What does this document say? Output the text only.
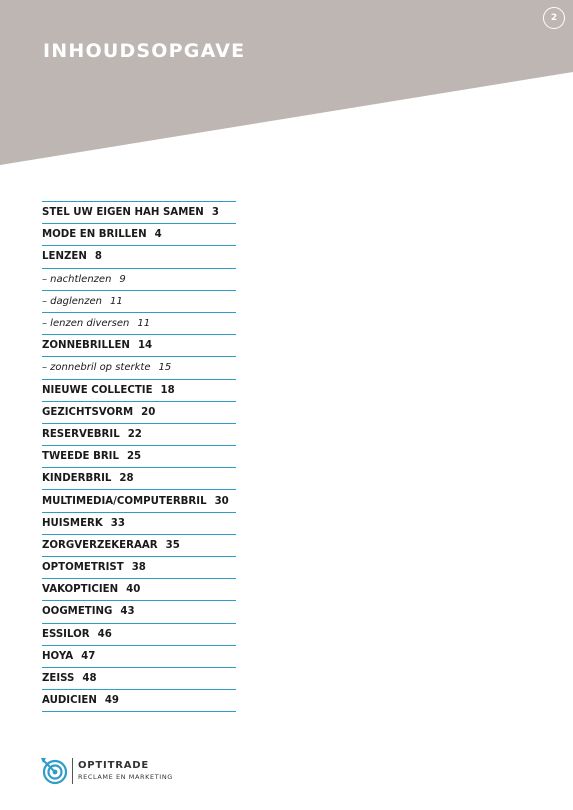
INHOUDSOPGAVE
2
STEL UW EIGEN HAH SAMEN 3
MODE EN BRILLEN 4
LENZEN 8
– nachtlenzen 9
– daglenzen 11
– lenzen diversen 11
ZONNEBRILLEN 14
– zonnebril op sterkte 15
NIEUWE COLLECTIE 18
GEZICHTSVORM 20
RESERVEBRIL 22
TWEEDE BRIL 25
KINDERBRIL 28
MULTIMEDIA/COMPUTERBRIL 30
HUISMERK 33
ZORGVERZEKERAAR 35
OPTOMETRIST 38
VAKOPTICIEN 40
OOGMETING 43
ESSILOR 46
HOYA 47
ZEISS 48
AUDICIEN 49
OPTITRADE
RECLAME EN MARKETING
